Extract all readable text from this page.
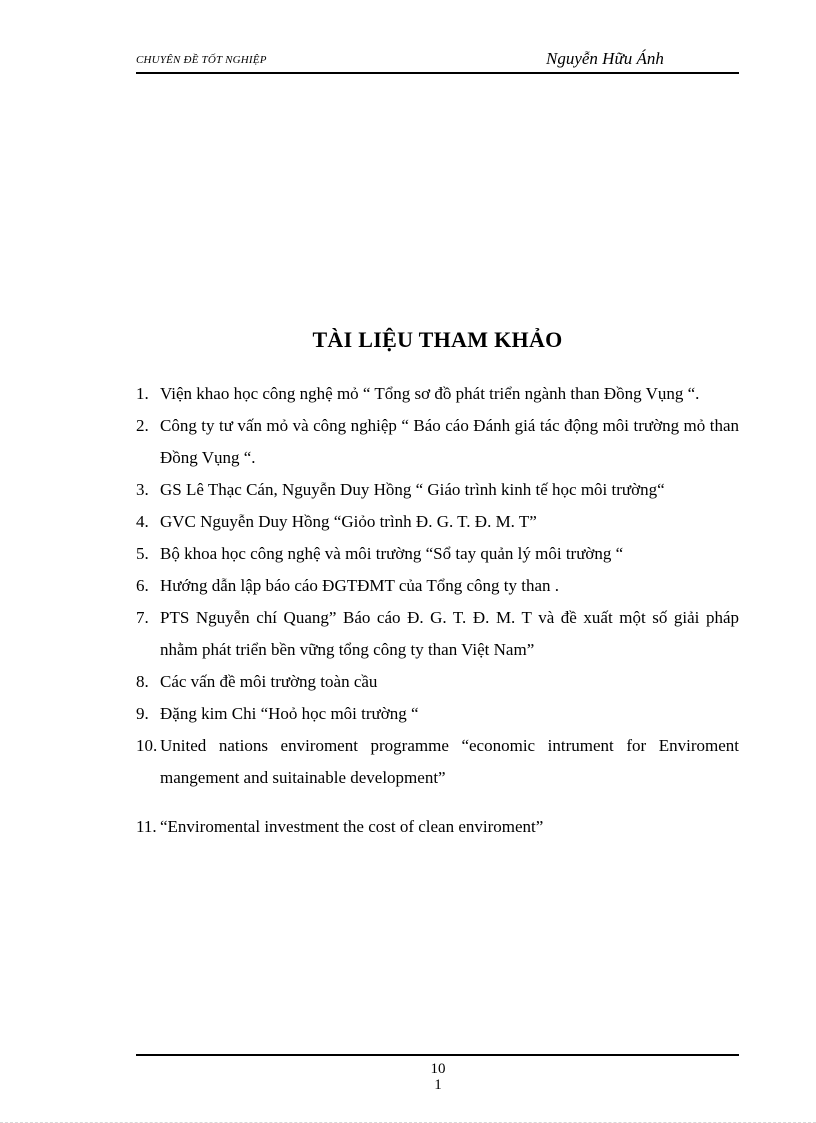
CHUYÊN ĐỀ TỐT NGHIỆP	Nguyễn Hữu Ánh
TÀI LIỆU THAM KHẢO
1. Viện khao học công nghệ mỏ “ Tổng sơ đồ phát triển ngành than Đồng Vụng “.
2. Công ty tư vấn mỏ và công nghiệp “ Báo cáo Đánh giá tác động môi trường mỏ than Đồng Vụng “.
3. GS Lê Thạc Cán, Nguyễn Duy Hồng “ Giáo trình kinh tế học môi trường“
4. GVC Nguyễn Duy Hồng “Giỏo trình Đ. G. T. Đ. M. T”
5. Bộ khoa học công nghệ và môi trường “Sổ tay quản lý môi trường “
6. Hướng dẫn lập báo cáo ĐGTĐMT của Tổng công ty than .
7. PTS Nguyễn chí Quang” Báo cáo Đ. G. T. Đ. M. T và đề xuất một số giải pháp nhằm phát triển bền vững tổng công ty than Việt Nam”
8. Các vấn đề môi trường toàn cầu
9. Đặng kim Chi “Hoỏ học môi trường “
10. United nations enviroment programme “economic intrument for Enviroment mangement and suitainable development”
11. “Enviromental investment the cost of clean enviroment”
101
